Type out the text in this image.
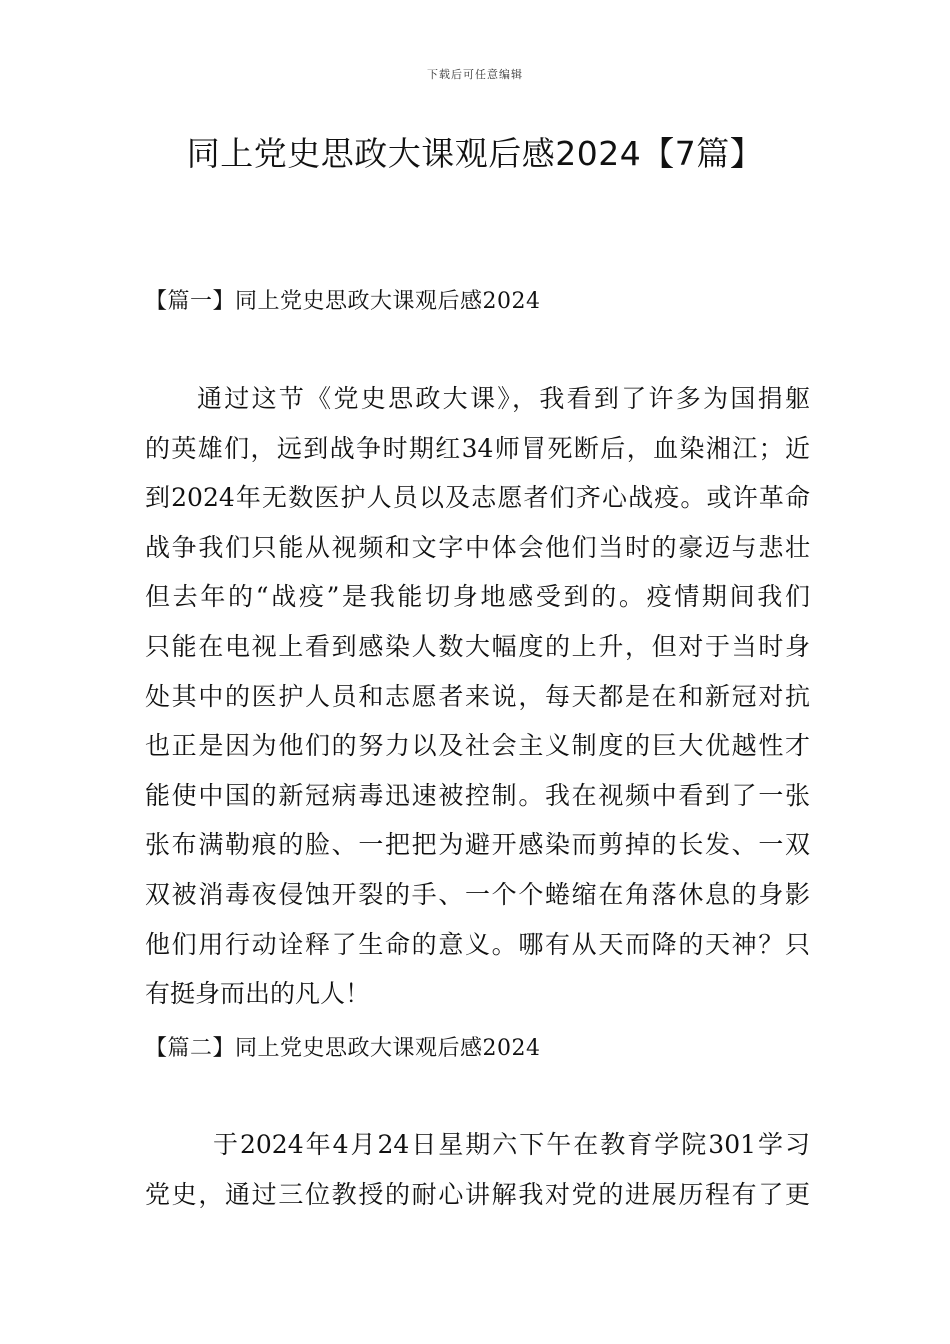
下载后可任意编辑
同上党史思政大课观后感2024【7篇】
【篇一】同上党史思政大课观后感2024
通过这节《党史思政大课》，我看到了许多为国捐躯
的英雄们，远到战争时期红34师冒死断后，血染湘江；近
到2024年无数医护人员以及志愿者们齐心战疫。或许革命
战争我们只能从视频和文字中体会他们当时的豪迈与悲壮
但去年的“战疫”是我能切身地感受到的。疫情期间我们
只能在电视上看到感染人数大幅度的上升，但对于当时身
处其中的医护人员和志愿者来说，每天都是在和新冠对抗
也正是因为他们的努力以及社会主义制度的巨大优越性才
能使中国的新冠病毒迅速被控制。我在视频中看到了一张
张布满勒痕的脸、一把把为避开感染而剪掉的长发、一双
双被消毒夜侵蚀开裂的手、一个个蜷缩在角落休息的身影
他们用行动诠释了生命的意义。哪有从天而降的天神？只
有挺身而出的凡人！
【篇二】同上党史思政大课观后感2024
于2024年4月24日星期六下午在教育学院301学习
党史，通过三位教授的耐心讲解我对党的进展历程有了更
